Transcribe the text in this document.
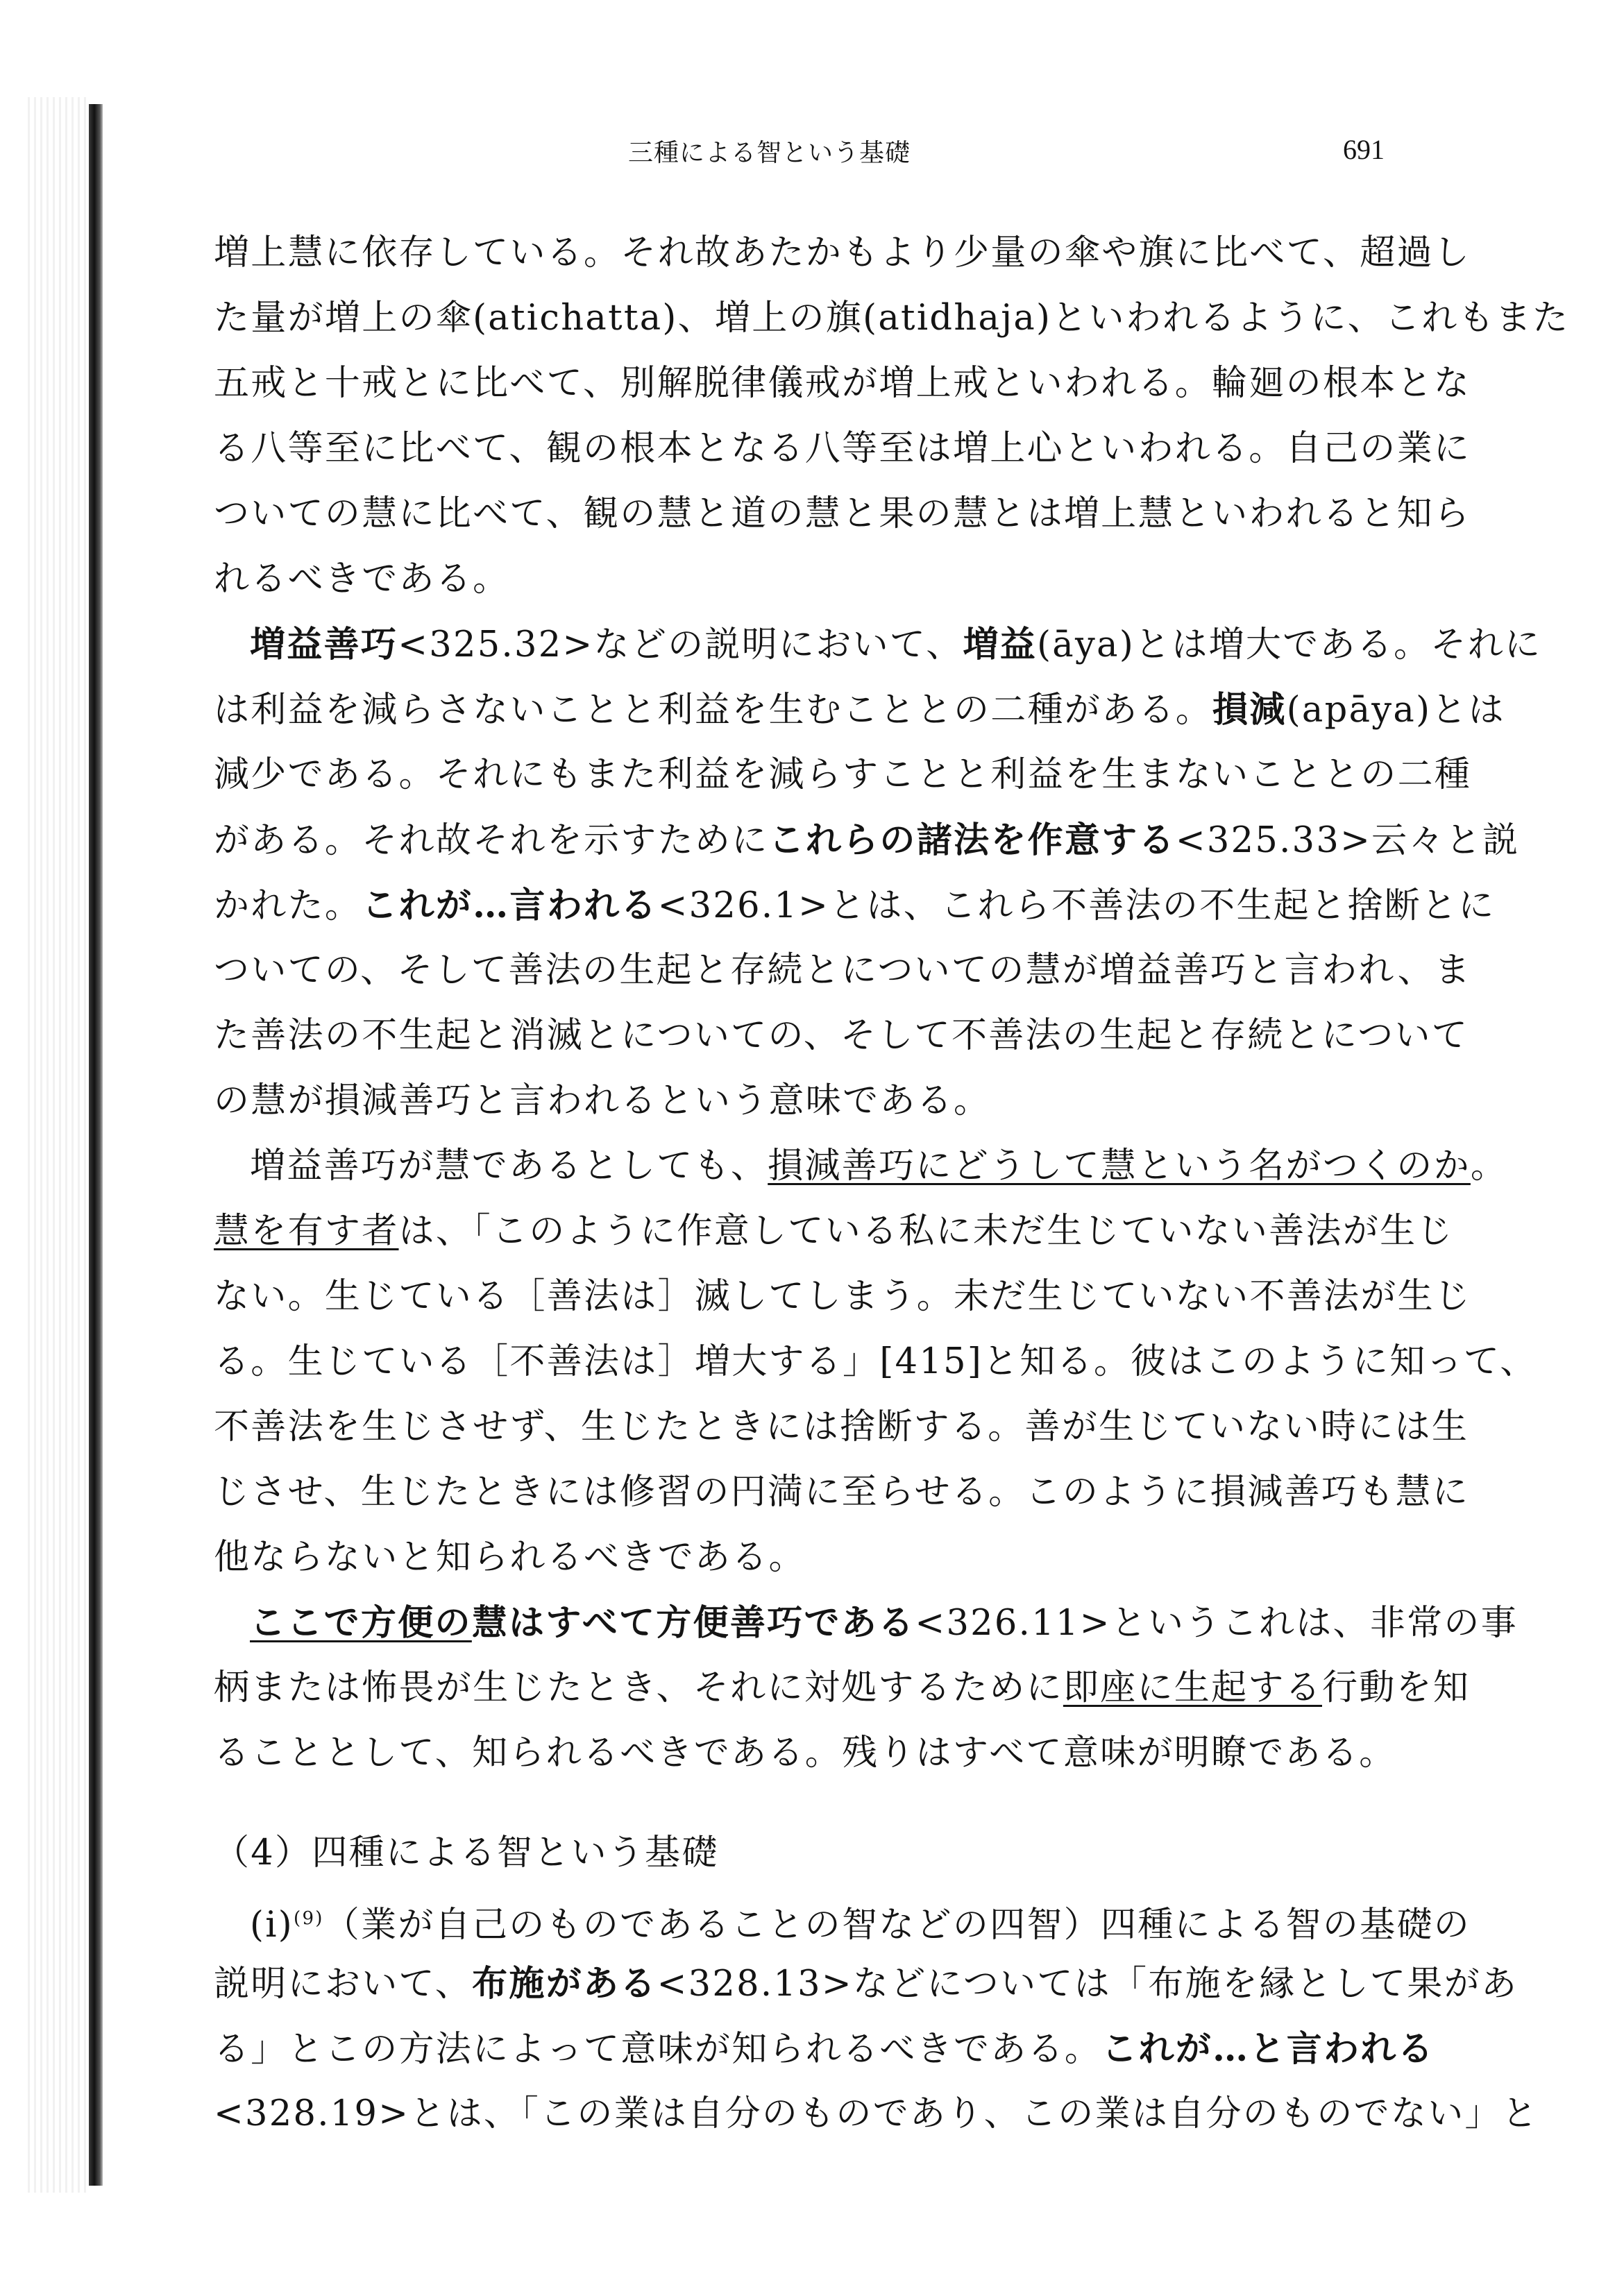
三種による智という基礎	691
増上慧に依存している。それ故あたかもより少量の傘や旗に比べて、超過し
た量が増上の傘(atichatta)、増上の旗(atidhaja)といわれるように、これもまた
五戒と十戒とに比べて、別解脱律儀戒が増上戒といわれる。輪廻の根本とな
る八等至に比べて、観の根本となる八等至は増上心といわれる。自己の業に
ついての慧に比べて、観の慧と道の慧と果の慧とは増上慧といわれると知ら
れるべきである。
増益善巧<325.32>などの説明において、増益(āya)とは増大である。それに
は利益を減らさないことと利益を生むこととの二種がある。損減(apāya)とは
減少である。それにもまた利益を減らすことと利益を生まないこととの二種
がある。それ故それを示すためにこれらの諸法を作意する<325.33>云々と説
かれた。これが…言われる<326.1>とは、これら不善法の不生起と捨断とに
ついての、そして善法の生起と存続とについての慧が増益善巧と言われ、ま
た善法の不生起と消滅とについての、そして不善法の生起と存続とについて
の慧が損減善巧と言われるという意味である。
増益善巧が慧であるとしても、損減善巧にどうして慧という名がつくのか。
慧を有す者は、「このように作意している私に未だ生じていない善法が生じ
ない。生じている［善法は］滅してしまう。未だ生じていない不善法が生じ
る。生じている［不善法は］増大する」[415]と知る。彼はこのように知って、
不善法を生じさせず、生じたときには捨断する。善が生じていない時には生
じさせ、生じたときには修習の円満に至らせる。このように損減善巧も慧に
他ならないと知られるべきである。
ここで方便の慧はすべて方便善巧である<326.11>というこれは、非常の事
柄または怖畏が生じたとき、それに対処するために即座に生起する行動を知
ることとして、知られるべきである。残りはすべて意味が明瞭である。
（4）四種による智という基礎
$(i)^{(9)}$（業が自己のものであることの智などの四智）四種による智の基礎の
説明において、布施がある<328.13>などについては「布施を縁として果があ
る」とこの方法によって意味が知られるべきである。これが…と言われる
<328.19>とは、「この業は自分のものであり、この業は自分のものでない」と
